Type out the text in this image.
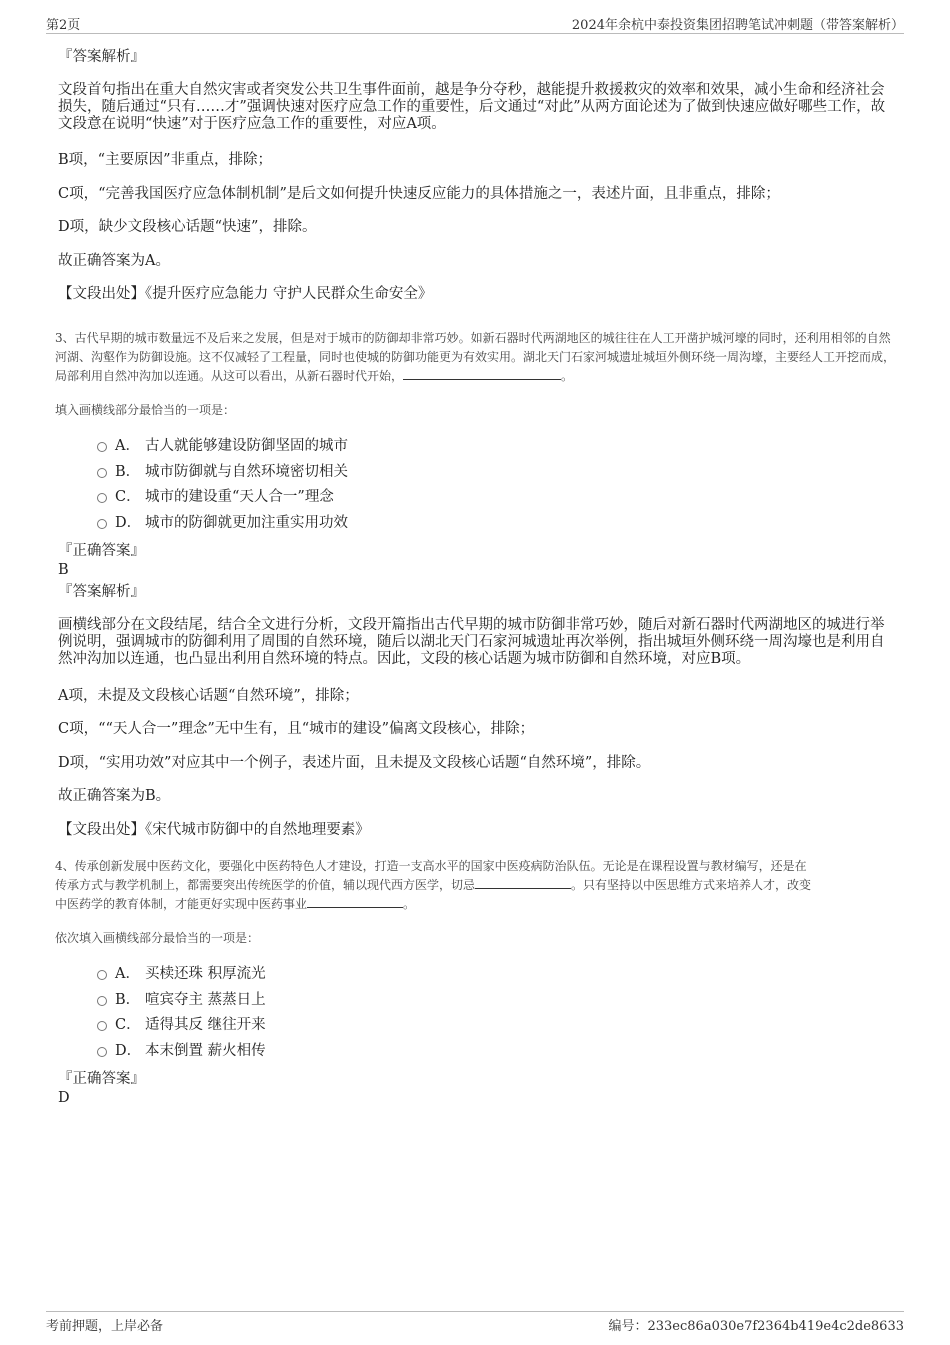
第2页	2024年余杭中泰投资集团招聘笔试冲刺题（带答案解析）
『答案解析』
文段首句指出在重大自然灾害或者突发公共卫生事件面前，越是争分夺秒，越能提升救援救灾的效率和效果，减小生命和经济社会损失，随后通过“只有……才”强调快速对医疗应急工作的重要性，后文通过“对此”从两方面论述为了做到快速应做好哪些工作，故文段意在说明“快速”对于医疗应急工作的重要性，对应A项。
B项，“主要原因”非重点，排除；
C项，“完善我国医疗应急体制机制”是后文如何提升快速反应能力的具体措施之一，表述片面，且非重点，排除；
D项，缺少文段核心话题“快速”，排除。
故正确答案为A。
【文段出处】《提升医疗应急能力 守护人民群众生命安全》
3、古代早期的城市数量远不及后来之发展，但是对于城市的防御却非常巧妙。如新石器时代两湖地区的城往往在人工开凿护城河壕的同时，还利用相邻的自然河湖、沟壑作为防御设施。这不仅减轻了工程量，同时也使城的防御功能更为有效实用。湖北天门石家河城遗址城垣外侧环绕一周沟壕，主要经人工开挖而成，局部利用自然冲沟加以连通。从这可以看出，从新石器时代开始，	。
填入画横线部分最恰当的一项是：
A． 古人就能够建设防御坚固的城市
B． 城市防御就与自然环境密切相关
C． 城市的建设重“天人合一”理念
D． 城市的防御就更加注重实用功效
『正确答案』
B
『答案解析』
画横线部分在文段结尾，结合全文进行分析，文段开篇指出古代早期的城市防御非常巧妙，随后对新石器时代两湖地区的城进行举例说明，强调城市的防御利用了周围的自然环境，随后以湖北天门石家河城遗址再次举例，指出城垣外侧环绕一周沟壕也是利用自然冲沟加以连通，也凸显出利用自然环境的特点。因此，文段的核心话题为城市防御和自然环境，对应B项。
A项，未提及文段核心话题“自然环境”，排除；
C项，““天人合一”理念”无中生有，且“城市的建设”偏离文段核心，排除；
D项，“实用功效”对应其中一个例子，表述片面，且未提及文段核心话题“自然环境”，排除。
故正确答案为B。
【文段出处】《宋代城市防御中的自然地理要素》
4、传承创新发展中医药文化，要强化中医药特色人才建设，打造一支高水平的国家中医疫病防治队伍。无论是在课程设置与教材编写，还是在
传承方式与教学机制上，都需要突出传统医学的价值，辅以现代西方医学，切忌	。只有坚持以中医思维方式来培养人才，改变
中医药学的教育体制，才能更好实现中医药事业	。
依次填入画横线部分最恰当的一项是：
A． 买椟还珠 积厚流光
B． 喧宾夺主 蒸蒸日上
C． 适得其反 继往开来
D． 本末倒置 薪火相传
『正确答案』
D
考前押题，上岸必备	编号：233ec86a030e7f2364b419e4c2de8633
